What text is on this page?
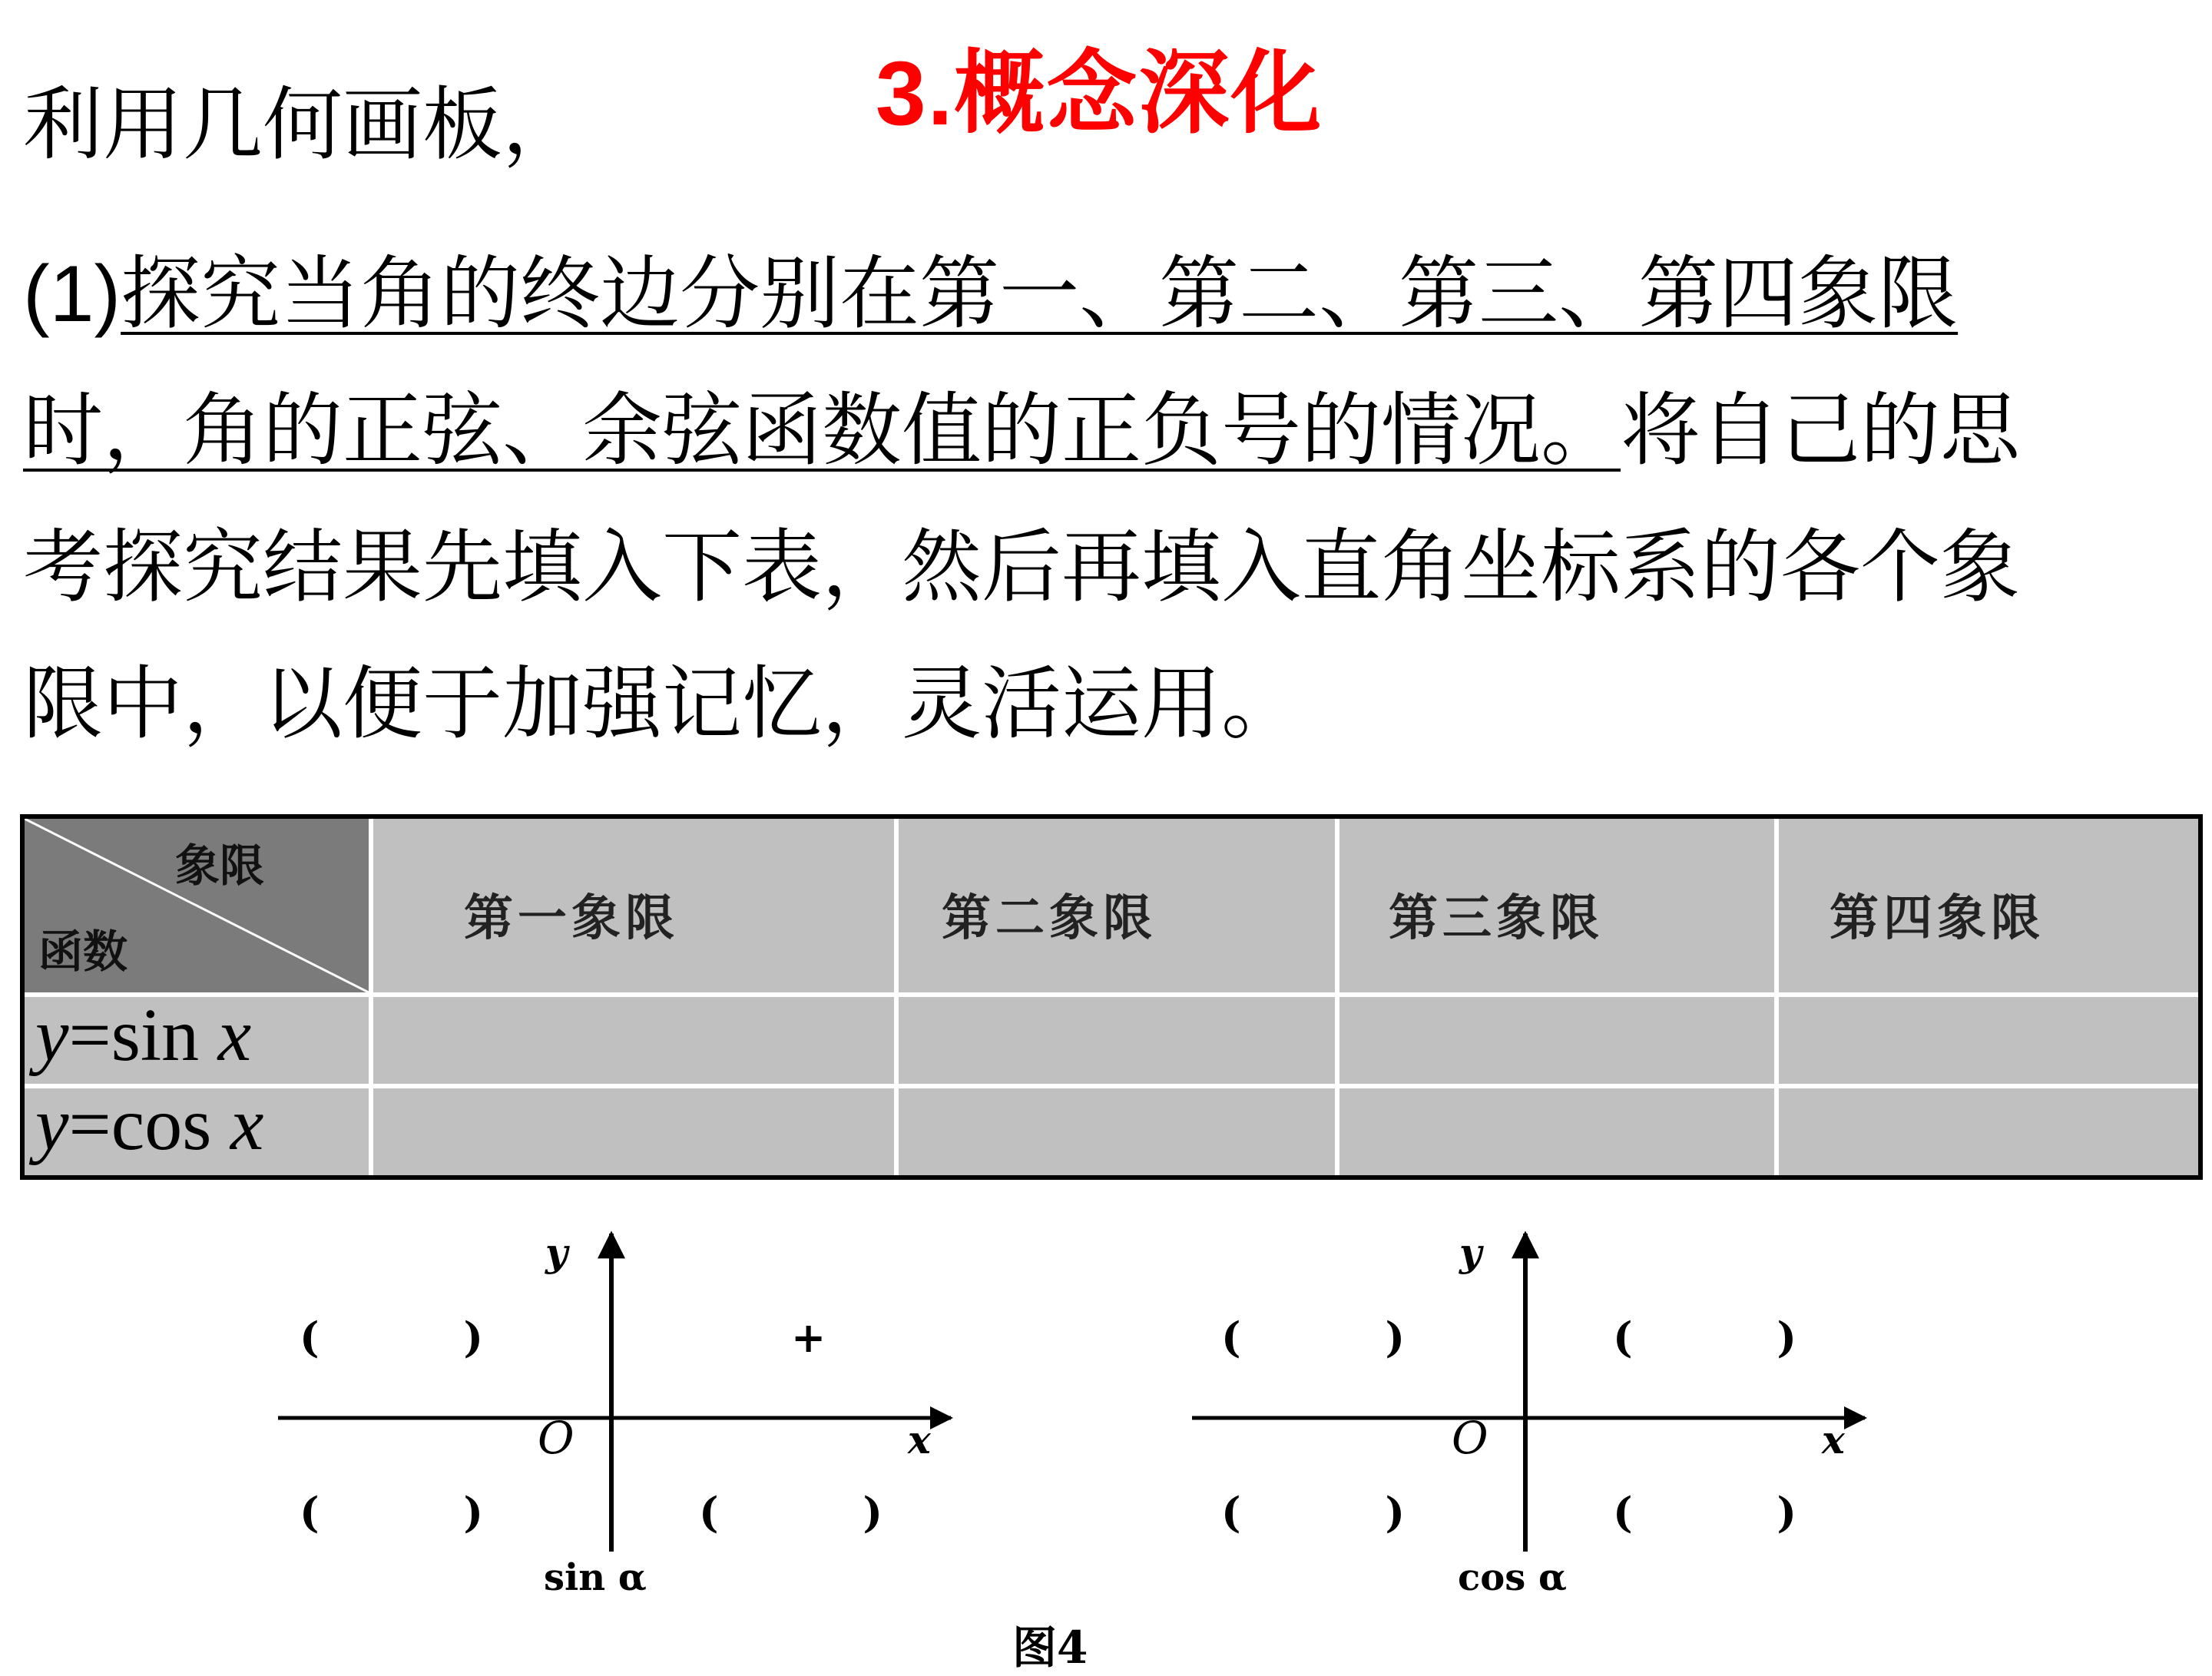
3.概念深化
利用几何画板，
(1)探究当角的终边分别在第一、第二、第三、第四象限
时，角的正弦、余弦函数值的正负号的情况。将自己的思
考探究结果先填入下表，然后再填入直角坐标系的各个象
限中，以便于加强记忆，灵活运用。
象限
函数
第一象限	第二象限	第三象限	第四象限
y=sin x
y=cos x
y
x
O
+
(          )
(          )	(          )
sin α
y
x
O
(          )
(          )
(          )	(          )
cos α
图4
